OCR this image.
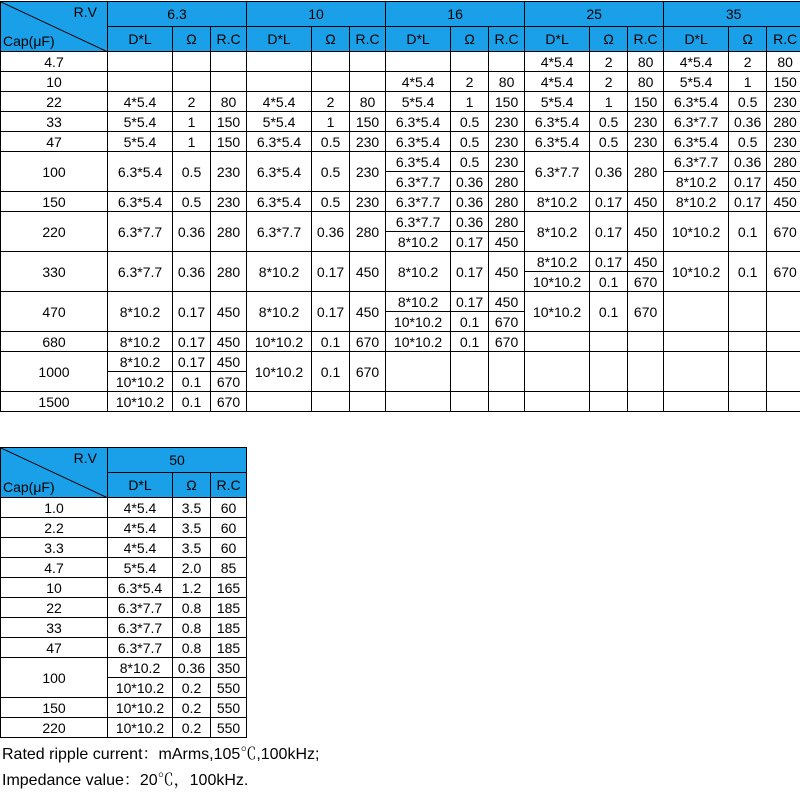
R.V
Cap(μF)	6.3			10			16			25			35		
	D*L	Ω	R.C	D*L	Ω	R.C	D*L	Ω	R.C	D*L	Ω	R.C	D*L	Ω	R.C
4.7										4*5.4	2	80	4*5.4	2	80
10							4*5.4	2	80	4*5.4	2	80	5*5.4	1	150
22	4*5.4	2	80	4*5.4	2	80	5*5.4	1	150	5*5.4	1	150	6.3*5.4	0.5	230
33	5*5.4	1	150	5*5.4	1	150	6.3*5.4	0.5	230	6.3*5.4	0.5	230	6.3*7.7	0.36	280
47	5*5.4	1	150	6.3*5.4	0.5	230	6.3*5.4	0.5	230	6.3*5.4	0.5	230	6.3*5.4	0.5	230
100	6.3*5.4	0.5	230	6.3*5.4	0.5	230	6.3*5.4	0.5	230	6.3*7.7	0.36	280	6.3*7.7	0.36	280
							6.3*7.7	0.36	280				8*10.2	0.17	450
150	6.3*5.4	0.5	230	6.3*5.4	0.5	230	6.3*7.7	0.36	280	8*10.2	0.17	450	8*10.2	0.17	450
220	6.3*7.7	0.36	280	6.3*7.7	0.36	280	6.3*7.7	0.36	280	8*10.2	0.17	450	10*10.2	0.1	670
							8*10.2	0.17	450						
330	6.3*7.7	0.36	280	8*10.2	0.17	450	8*10.2	0.17	450	8*10.2	0.17	450	10*10.2	0.1	670
										10*10.2	0.1	670			
470	8*10.2	0.17	450	8*10.2	0.17	450	8*10.2	0.17	450	10*10.2	0.1	670			
							10*10.2	0.1	670						
680	8*10.2	0.17	450	10*10.2	0.1	670	10*10.2	0.1	670						
1000	8*10.2	0.17	450	10*10.2	0.1	670									
	10*10.2	0.1	670												
1500	10*10.2	0.1	670												
R.V
Cap(μF)	50		
	D*L	Ω	R.C
1.0	4*5.4	3.5	60
2.2	4*5.4	3.5	60
3.3	4*5.4	3.5	60
4.7	5*5.4	2.0	85
10	6.3*5.4	1.2	165
22	6.3*7.7	0.8	185
33	6.3*7.7	0.8	185
47	6.3*7.7	0.8	185
100	8*10.2	0.36	350
	10*10.2	0.2	550
150	10*10.2	0.2	550
220	10*10.2	0.2	550
Rated ripple current：mArms,105℃,100kHz;
Impedance value：20℃，100kHz.
